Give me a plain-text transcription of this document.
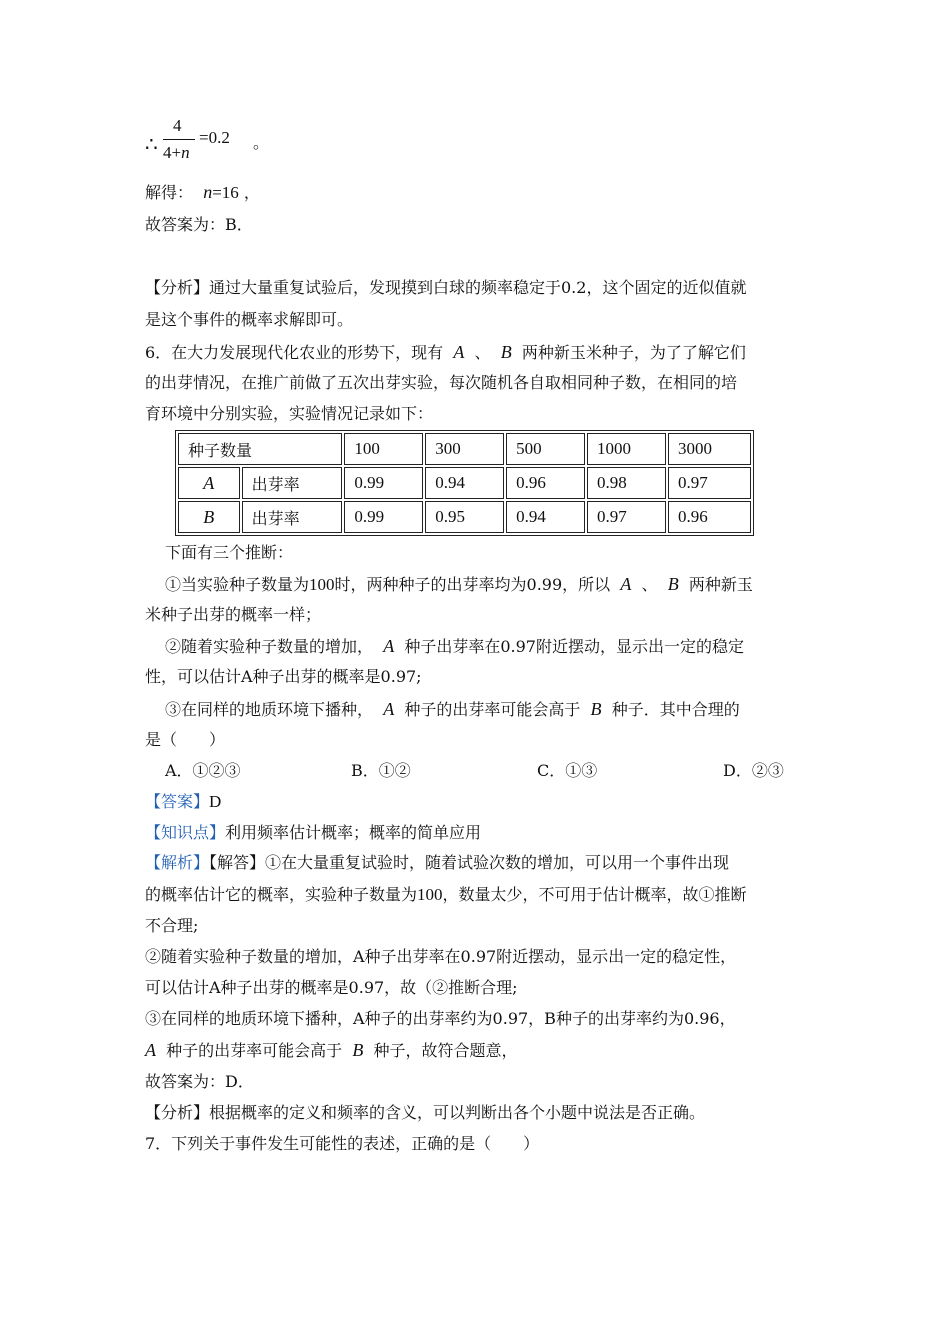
∴
4
4+n
=0.2 。
解得： n=16 ，
故答案为：B．
【分析】通过大量重复试验后，发现摸到白球的频率稳定于0.2，这个固定的近似值就
是这个事件的概率求解即可。
6．在大力发展现代化农业的形势下，现有 A 、 B 两种新玉米种子，为了了解它们
的出芽情况，在推广前做了五次出芽实验，每次随机各自取相同种子数，在相同的培
育环境中分别实验，实验情况记录如下：
种子数量		100	300	500	1000	3000
A	出芽率	0.99	0.94	0.96	0.98	0.97
B	出芽率	0.99	0.95	0.94	0.97	0.96
下面有三个推断：
①当实验种子数量为100时，两种种子的出芽率均为0.99，所以 A 、 B 两种新玉
米种子出芽的概率一样；
②随着实验种子数量的增加， A 种子出芽率在0.97附近摆动，显示出一定的稳定
性，可以估计A种子出芽的概率是0.97;
③在同样的地质环境下播种， A 种子的出芽率可能会高于 B 种子．其中合理的
是（　　）
A．①②③	B．①②	C．①③	D．②③
【答案】D
【知识点】利用频率估计概率；概率的简单应用
【解析】【解答】①在大量重复试验时，随着试验次数的增加，可以用一个事件出现
的概率估计它的概率，实验种子数量为100，数量太少，不可用于估计概率，故①推断
不合理;
②随着实验种子数量的增加，A种子出芽率在0.97附近摆动，显示出一定的稳定性，
可以估计A种子出芽的概率是0.97，故（②推断合理;
③在同样的地质环境下播种，A种子的出芽率约为0.97，B种子的出芽率约为0.96，
A 种子的出芽率可能会高于 B 种子，故符合题意，
故答案为：D．
【分析】根据概率的定义和频率的含义，可以判断出各个小题中说法是否正确。
7．下列关于事件发生可能性的表述，正确的是（　　）
